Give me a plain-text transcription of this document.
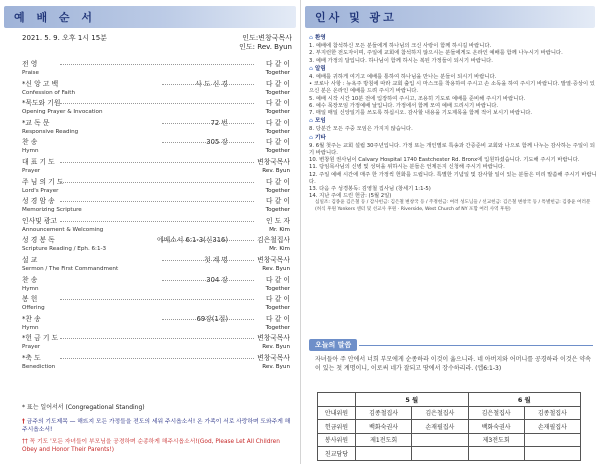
예 배 순 서
2021. 5. 9. 오후 1시 15분	인도:변창국목사
인도: Rev. Byun
전 영	다 같 이
Praise	Together
*신 앙 고 백	사 도 신 경	다 같 이
Confession of Faith	Together
*묵도와 기원	다 같 이
Opening Prayer & Invocation	Together
*교 독 문	72 번	다 같 이
Responsive Reading	Together
찬 송	305 장	다 같 이
Hymn	Together
대 표 기 도	변창국목사
Prayer	Rev. Byun
주 님 의 기 도	다 같 이
Lord's Prayer	Together
성 경 암 송	다 같 이
Memorizing Scripture	Together
인사및 광고	인 도 자
Announcement & Welcoming	Mr. Kim
성 경 봉 독	에베소서 6:1-3(신316)	김은철집사
Scripture Reading / Eph. 6:1-3	Mr. Kim
설 교	첫 계 명	변창국목사
Sermon / The First Commandment	Rev. Byun
찬 송	304 장	다 같 이
Hymn	Together
봉 헌	다 같 이
Offering	Together
*찬 송	69장(1절)	다 같 이
Hymn	Together
*헌 금 기 도	변창국목사
Prayer	Rev. Byun
*축 도	변창국목사
Benediction	Rev. Byun
* 표는 일어서서 (Congregational Standing)
† 금주의 기도제목 — 해뜨지 모든 가정들을 전도의 세워 주시옵소서! 온 가족이 서로 사랑하며 도와주게 해주시옵소서!
†† 꼭 기도 '모든 자녀들이 부모님을 공경하며 순종하게 해주시옵소서!(God, Please Let All Children Obey and Honor Their Parents!)
인사 및 광고
⌂ 환영
1. 예배에 참석하신 모든 분들에게 하나님의 크신 사랑이 함께 하시길 바랍니다.
2. 부지런한 전도자이며, 주일에 교회에 참석하지 않으시는 분들에게도 온라인 예배를 함께 나누시기 바랍니다.
3. 예배 가정의 달입니다. 하나님이 함께 하시는 복된 가정들이 되시기 바랍니다.
⌂ 알림
4. 예배를 귀하게 여기고 예배를 통하여 하나님을 만나는 분들이 되시기 바랍니다.
• 코로나 사항 : 뉴욕주 방침에 따라 교회 출입 시 마스크를 착용하여 주시고 손 소독을 하여 주시기 바랍니다. 발열·증상이 있으신 분은 온라인 예배를 드려 주시기 바랍니다.
5. 예배 시작 시간 10분 전에 입장하여 주시고, 조용히 기도로 예배를 준비해 주시기 바랍니다.
6. 예수 목장모임 가정예배 날입니다. 가정에서 함께 모여 예배 드리시기 바랍니다.
7. 매일 매일 신앙일기를 쓰도록 하십시오. 감사할 내용을 기도제목을 함께 적어 보시기 바랍니다.
⌂ 모임
8. 당분간 모든 주중 모임은 가지지 않습니다.
⌂ 기타
9. 6월 첫주는 교회 설립 30주년입니다. 가정 또는 개인별로 특송과 간증준비 교회와 나으로 함께 나누는 감사하는 주일이 되기 바랍니다.
10. 변창원 권사님이 Calvary Hospital 1740 Eastchester Rd. Bronx에 입원하셨습니다. 기도해 주시기 바랍니다.
11. 당임목사님의 신병 및 성덕을 위하시는 분들은 언제든지 신청해 주시기 바랍니다.
12. 주일 예배 시간에 매주 한 가정씩 헌화를 드립니다. 특별한 기념일 및 감사할 일이 있는 분들은 미리 말씀해 주시기 바랍니다.
13. 다음 주 성경봉독: 김영철 집사님 (창세기 1:1-5)
14. 지난 주에 드린 헌금: (5월 2일)
십일조: 김종윤 김은철 등 / 감사헌금: 김은철 변창국 등 / 주정헌금: 여러 성도님들 / 선교헌금: 김은철 변창국 등 / 특별헌금: 김종윤 여러분 (허식 후원 Yonkers 센터 및 선교사 후원 · Riverside, West Church of NY 포함 여러 사역 후원)
오늘의 말씀
자녀들아 주 안에서 너희 부모에게 순종하라 이것이 옳으니라. 네 아버지와 어머니를 공경하라 이것은 약속이 있는 첫 계명이니, 이로써 네가 잘되고 땅에서 장수하리라. (엡6:1-3)
	5 월		6 월	
안내위원	김종철집사	김은철집사	김은철집사	김종철집사
헌금위원	백화숙권사	손재필집사	백화숙권사	손재필집사
봉사위원	제1전도회		제3전도회	
친교담당				
